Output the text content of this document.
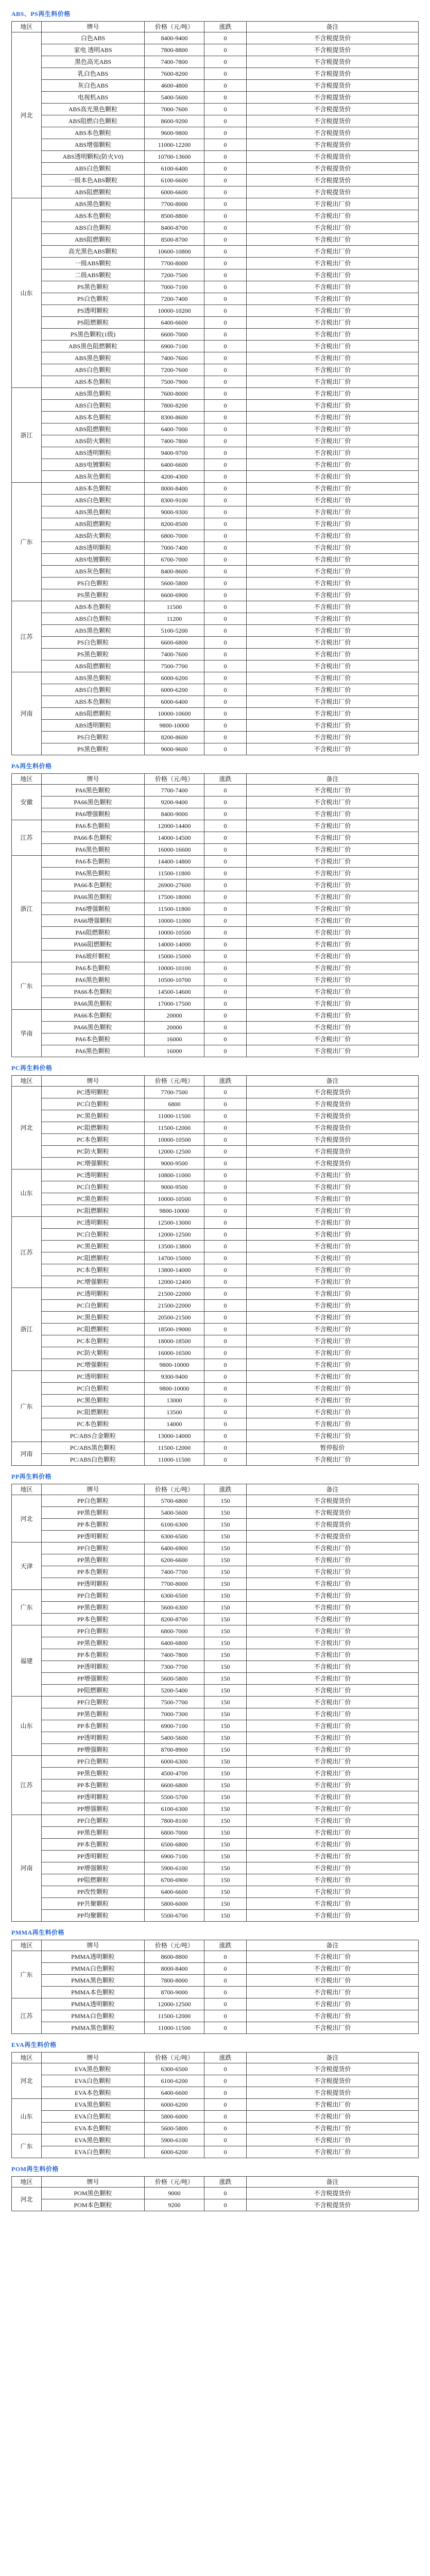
ABS、PS再生料价格
地区	牌号	价格（元/吨）	涨跌	备注
河北	白色ABS	8400-9400	0	不含税提货价
	家电 透明ABS	7800-8800	0	不含税提货价
	黑色高光ABS	7400-7800	0	不含税提货价
	乳白色ABS	7600-8200	0	不含税提货价
	灰白色ABS	4600-4800	0	不含税提货价
	电视机ABS	5400-5600	0	不含税提货价
	ABS高光黑色颗粒	7000-7600	0	不含税提货价
	ABS阻燃白色颗粒	8600-9200	0	不含税提货价
	ABS本色颗粒	9600-9800	0	不含税提货价
	ABS增强颗粒	11000-12200	0	不含税提货价
	ABS透明颗粒(防火V0)	10700-13600	0	不含税提货价
	ABS白色颗粒	6100-6400	0	不含税提货价
	一级本色ABS颗粒	6100-6600	0	不含税提货价
	ABS阻燃颗粒	6000-6600	0	不含税提货价
山东	ABS黑色颗粒	7700-8000	0	不含税出厂价
	ABS本色颗粒	8500-8800	0	不含税出厂价
	ABS白色颗粒	8400-8700	0	不含税出厂价
	ABS阻燃颗粒	8500-8700	0	不含税出厂价
	高光黑色ABS颗粒	10600-10800	0	不含税出厂价
	一级ABS颗粒	7700-8000	0	不含税出厂价
	二级ABS颗粒	7200-7500	0	不含税出厂价
	PS黑色颗粒	7000-7100	0	不含税出厂价
	PS白色颗粒	7200-7400	0	不含税出厂价
	PS透明颗粒	10000-10200	0	不含税出厂价
	PS阻燃颗粒	6400-6600	0	不含税出厂价
	PS黑色颗粒(1级)	6600-7000	0	不含税出厂价
	ABS黑色阻燃颗粒	6900-7100	0	不含税出厂价
	ABS黑色颗粒	7400-7600	0	不含税出厂价
	ABS白色颗粒	7200-7600	0	不含税出厂价
	ABS本色颗粒	7500-7900	0	不含税出厂价
浙江	ABS黑色颗粒	7600-8000	0	不含税出厂价
	ABS白色颗粒	7800-8200	0	不含税出厂价
	ABS本色颗粒	8300-8600	0	不含税出厂价
	ABS阻燃颗粒	6400-7000	0	不含税出厂价
	ABS防火颗粒	7400-7800	0	不含税出厂价
	ABS透明颗粒	9400-9700	0	不含税出厂价
	ABS电镀颗粒	6400-6600	0	不含税出厂价
	ABS灰色颗粒	4200-4300	0	不含税出厂价
广东	ABS本色颗粒	8000-8400	0	不含税出厂价
	ABS白色颗粒	8300-9100	0	不含税出厂价
	ABS黑色颗粒	9000-9300	0	不含税出厂价
	ABS阻燃颗粒	8200-8500	0	不含税出厂价
	ABS防火颗粒	6800-7000	0	不含税出厂价
	ABS透明颗粒	7000-7400	0	不含税出厂价
	ABS电镀颗粒	6700-7000	0	不含税出厂价
	ABS灰色颗粒	8400-8600	0	不含税出厂价
	PS白色颗粒	5600-5800	0	不含税出厂价
	PS黑色颗粒	6600-6900	0	不含税出厂价
江苏	ABS本色颗粒	11500	0	不含税出厂价
	ABS白色颗粒	11200	0	不含税出厂价
	ABS黑色颗粒	5100-5200	0	不含税出厂价
	PS白色颗粒	6600-6800	0	不含税出厂价
	PS黑色颗粒	7400-7600	0	不含税出厂价
	ABS阻燃颗粒	7500-7700	0	不含税出厂价
河南	ABS黑色颗粒	6000-6200	0	不含税出厂价
	ABS白色颗粒	6000-6200	0	不含税出厂价
	ABS本色颗粒	6000-6400	0	不含税出厂价
	ABS阻燃颗粒	10000-10600	0	不含税出厂价
	ABS透明颗粒	9800-10000	0	不含税出厂价
	PS白色颗粒	8200-8600	0	不含税出厂价
	PS黑色颗粒	9000-9600	0	不含税出厂价
PA再生料价格
地区	牌号	价格（元/吨）	涨跌	备注
安徽	PA6黑色颗粒	7700-7400	0	不含税出厂价
	PA66黑色颗粒	9200-9400	0	不含税出厂价
	PA6增强颗粒	8400-9000	0	不含税出厂价
江苏	PA6本色颗粒	12000-14400	0	不含税出厂价
	PA66本色颗粒	14000-14500	0	不含税出厂价
	PA6黑色颗粒	16000-16600	0	不含税出厂价
浙江	PA6本色颗粒	14400-14800	0	不含税出厂价
	PA6黑色颗粒	11500-11800	0	不含税出厂价
	PA66本色颗粒	26900-27600	0	不含税出厂价
	PA66黑色颗粒	17500-18000	0	不含税出厂价
	PA6增强颗粒	11500-11800	0	不含税出厂价
	PA66增强颗粒	10000-11000	0	不含税出厂价
	PA6阻燃颗粒	10000-10500	0	不含税出厂价
	PA66阻燃颗粒	14000-14000	0	不含税出厂价
	PA6玻纤颗粒	15000-15000	0	不含税出厂价
广东	PA6本色颗粒	10000-10100	0	不含税出厂价
	PA6黑色颗粒	10500-10700	0	不含税出厂价
	PA66本色颗粒	14500-14600	0	不含税出厂价
	PA66黑色颗粒	17000-17500	0	不含税出厂价
华南	PA66本色颗粒	20000	0	不含税出厂价
	PA66黑色颗粒	20000	0	不含税出厂价
	PA6本色颗粒	16000	0	不含税出厂价
	PA6黑色颗粒	16000	0	不含税出厂价
PC再生料价格
地区	牌号	价格（元/吨）	涨跌	备注
河北	PC透明颗粒	7700-7500	0	不含税提货价
	PC白色颗粒	6800	0	不含税提货价
	PC黑色颗粒	11000-11500	0	不含税提货价
	PC阻燃颗粒	11500-12000	0	不含税提货价
	PC本色颗粒	10000-10500	0	不含税提货价
	PC防火颗粒	12000-12500	0	不含税提货价
	PC增强颗粒	9000-9500	0	不含税提货价
山东	PC透明颗粒	10800-11000	0	不含税出厂价
	PC白色颗粒	9000-9500	0	不含税出厂价
	PC黑色颗粒	10000-10500	0	不含税出厂价
	PC阻燃颗粒	9800-10000	0	不含税出厂价
江苏	PC透明颗粒	12500-13000	0	不含税出厂价
	PC白色颗粒	12000-12500	0	不含税出厂价
	PC黑色颗粒	13500-13800	0	不含税出厂价
	PC阻燃颗粒	14700-15000	0	不含税出厂价
	PC本色颗粒	13800-14000	0	不含税出厂价
	PC增强颗粒	12000-12400	0	不含税出厂价
浙江	PC透明颗粒	21500-22000	0	不含税出厂价
	PC白色颗粒	21500-22000	0	不含税出厂价
	PC黑色颗粒	20500-21500	0	不含税出厂价
	PC阻燃颗粒	18500-19000	0	不含税出厂价
	PC本色颗粒	18000-18500	0	不含税出厂价
	PC防火颗粒	16000-16500	0	不含税出厂价
	PC增强颗粒	9800-10000	0	不含税出厂价
广东	PC透明颗粒	9300-9400	0	不含税出厂价
	PC白色颗粒	9800-10000	0	不含税出厂价
	PC黑色颗粒	13000	0	不含税出厂价
	PC阻燃颗粒	13500	0	不含税出厂价
	PC本色颗粒	14000	0	不含税出厂价
	PC/ABS合金颗粒	13000-14000	0	不含税出厂价
河南	PC/ABS黑色颗粒	11500-12000	0	暂停报价
	PC/ABS白色颗粒	11000-11500	0	不含税出厂价
PP再生料价格
地区	牌号	价格（元/吨）	涨跌	备注
河北	PP白色颗粒	5700-6800	150	不含税提货价
	PP黑色颗粒	5400-5600	150	不含税提货价
	PP本色颗粒	6100-6300	150	不含税提货价
	PP透明颗粒	6300-6500	150	不含税提货价
天津	PP白色颗粒	6400-6900	150	不含税出厂价
	PP黑色颗粒	6200-6600	150	不含税出厂价
	PP本色颗粒	7400-7700	150	不含税出厂价
	PP透明颗粒	7700-8000	150	不含税出厂价
广东	PP白色颗粒	6300-6500	150	不含税出厂价
	PP黑色颗粒	5600-6300	150	不含税出厂价
	PP本色颗粒	8200-8700	150	不含税出厂价
福建	PP白色颗粒	6800-7000	150	不含税出厂价
	PP黑色颗粒	6400-6800	150	不含税出厂价
	PP本色颗粒	7400-7800	150	不含税出厂价
	PP透明颗粒	7300-7700	150	不含税出厂价
	PP增强颗粒	5600-5800	150	不含税出厂价
	PP阻燃颗粒	5200-5400	150	不含税出厂价
山东	PP白色颗粒	7500-7700	150	不含税出厂价
	PP黑色颗粒	7000-7300	150	不含税出厂价
	PP本色颗粒	6900-7100	150	不含税出厂价
	PP透明颗粒	5400-5600	150	不含税出厂价
	PP增强颗粒	8700-8900	150	不含税出厂价
江苏	PP白色颗粒	6000-6300	150	不含税出厂价
	PP黑色颗粒	4500-4700	150	不含税出厂价
	PP本色颗粒	6600-6800	150	不含税出厂价
	PP透明颗粒	5500-5700	150	不含税出厂价
	PP增强颗粒	6100-6300	150	不含税出厂价
河南	PP白色颗粒	7800-8100	150	不含税出厂价
	PP黑色颗粒	6800-7000	150	不含税出厂价
	PP本色颗粒	6500-6800	150	不含税出厂价
	PP透明颗粒	6900-7100	150	不含税出厂价
	PP增强颗粒	5900-6100	150	不含税出厂价
	PP阻燃颗粒	6700-6900	150	不含税出厂价
	PP改性颗粒	6400-6600	150	不含税出厂价
	PP共聚颗粒	5800-6000	150	不含税出厂价
	PP均聚颗粒	5500-6700	150	不含税出厂价
PMMA再生料价格
地区	牌号	价格（元/吨）	涨跌	备注
广东	PMMA透明颗粒	8600-8800	0	不含税出厂价
	PMMA白色颗粒	8000-8400	0	不含税出厂价
	PMMA黑色颗粒	7800-8000	0	不含税出厂价
	PMMA本色颗粒	8700-9000	0	不含税出厂价
江苏	PMMA透明颗粒	12000-12500	0	不含税出厂价
	PMMA白色颗粒	11500-12000	0	不含税出厂价
	PMMA黑色颗粒	11000-11500	0	不含税出厂价
EVA再生料价格
地区	牌号	价格（元/吨）	涨跌	备注
河北	EVA黑色颗粒	6300-6500	0	不含税提货价
	EVA白色颗粒	6100-6200	0	不含税提货价
	EVA本色颗粒	6400-6600	0	不含税提货价
山东	EVA黑色颗粒	6000-6200	0	不含税出厂价
	EVA白色颗粒	5800-6000	0	不含税出厂价
	EVA本色颗粒	5600-5800	0	不含税出厂价
广东	EVA黑色颗粒	5900-6100	0	不含税出厂价
	EVA白色颗粒	6000-6200	0	不含税出厂价
POM再生料价格
地区	牌号	价格（元/吨）	涨跌	备注
河北	POM黑色颗粒	9000	0	不含税提货价
	POM本色颗粒	9200	0	不含税提货价
